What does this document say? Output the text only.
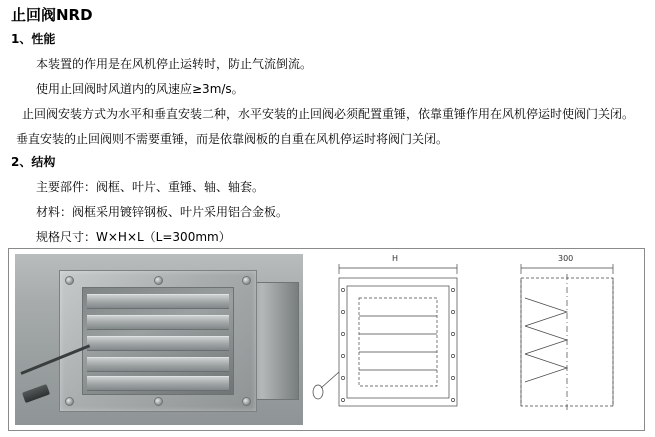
止回阀NRD
1、性能
本装置的作用是在风机停止运转时，防止气流倒流。
使用止回阀时风道内的风速应≥3m/s。
止回阀安装方式为水平和垂直安装二种，水平安装的止回阀必须配置重锤，依靠重锤作用在风机停运时使阀门关闭。
垂直安装的止回阀则不需要重锤，而是依靠阀板的自重在风机停运时将阀门关闭。
2、结构
主要部件：阀框、叶片、重锤、轴、轴套。
材料：阀框采用镀锌钢板、叶片采用铝合金板。
规格尺寸：W×H×L（L=300mm）
H	300
